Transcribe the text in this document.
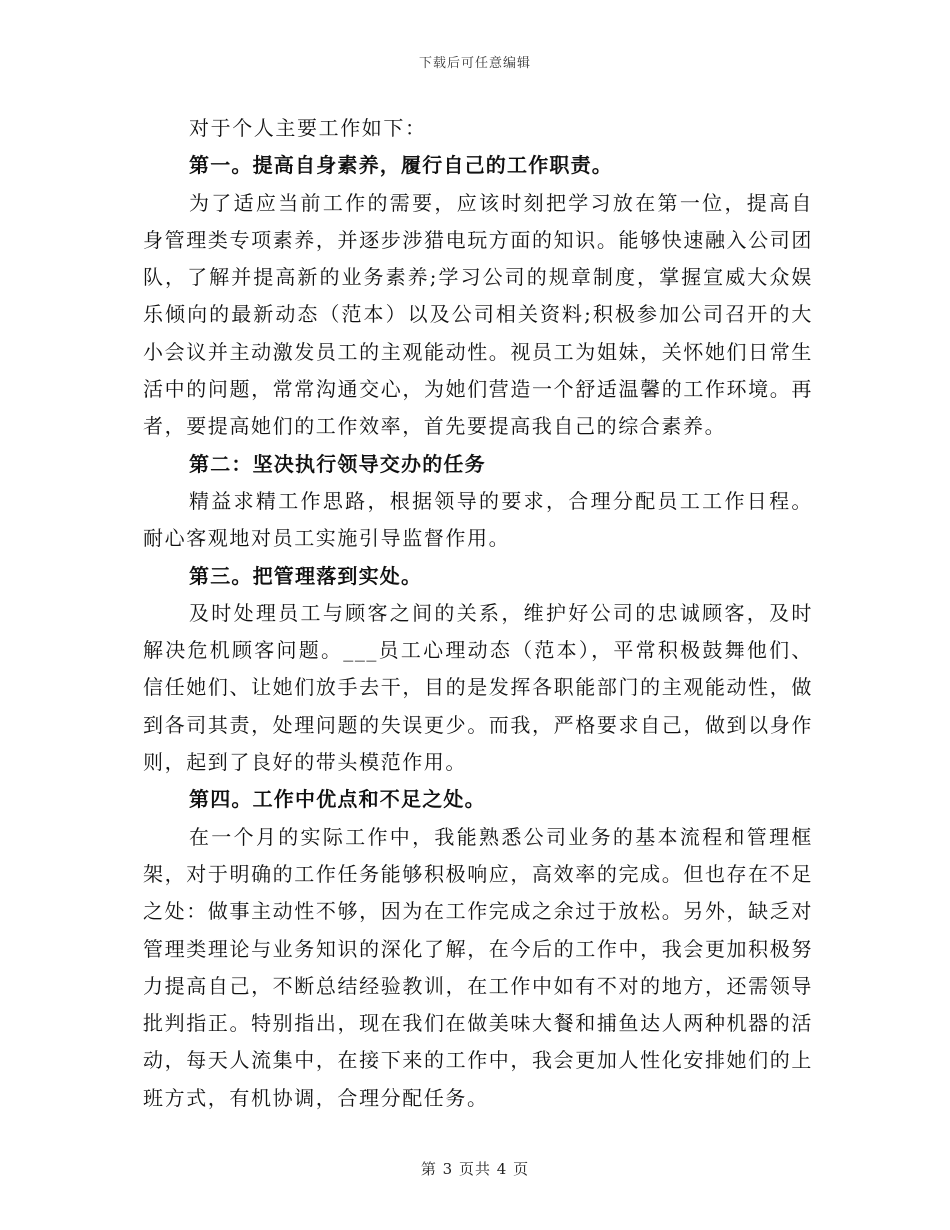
下载后可任意编辑

对于个人主要工作如下：

第一。提高自身素养，履行自己的工作职责。

为了适应当前工作的需要，应该时刻把学习放在第一位，提高自身管理类专项素养，并逐步涉猎电玩方面的知识。能够快速融入公司团队，了解并提高新的业务素养;学习公司的规章制度，掌握宣威大众娱乐倾向的最新动态（范本）以及公司相关资料;积极参加公司召开的大小会议并主动激发员工的主观能动性。视员工为姐妹，关怀她们日常生活中的问题，常常沟通交心，为她们营造一个舒适温馨的工作环境。再者，要提高她们的工作效率，首先要提高我自己的综合素养。

第二：坚决执行领导交办的任务

精益求精工作思路，根据领导的要求，合理分配员工工作日程。耐心客观地对员工实施引导监督作用。

第三。把管理落到实处。

及时处理员工与顾客之间的关系，维护好公司的忠诚顾客，及时解决危机顾客问题。___员工心理动态（范本），平常积极鼓舞他们、信任她们、让她们放手去干，目的是发挥各职能部门的主观能动性，做到各司其责，处理问题的失误更少。而我，严格要求自己，做到以身作则，起到了良好的带头模范作用。

第四。工作中优点和不足之处。

在一个月的实际工作中，我能熟悉公司业务的基本流程和管理框架，对于明确的工作任务能够积极响应，高效率的完成。但也存在不足之处：做事主动性不够，因为在工作完成之余过于放松。另外，缺乏对管理类理论与业务知识的深化了解，在今后的工作中，我会更加积极努力提高自己，不断总结经验教训，在工作中如有不对的地方，还需领导批判指正。特别指出，现在我们在做美味大餐和捕鱼达人两种机器的活动，每天人流集中，在接下来的工作中，我会更加人性化安排她们的上班方式，有机协调，合理分配任务。

第 3 页共 4 页
